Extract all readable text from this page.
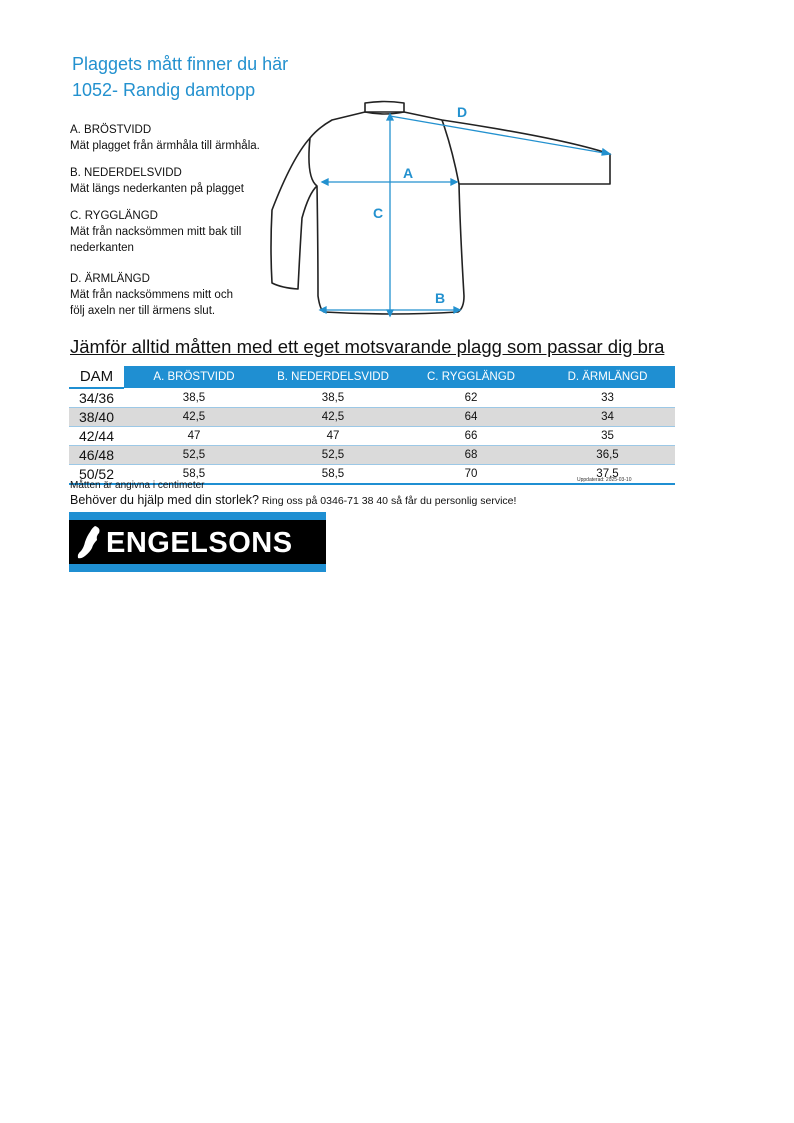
Plaggets mått finner du här
1052- Randig damtopp
A. BRÖSTVIDD
Mät plagget från ärmhåla till ärmhåla.
B. NEDERDELSVIDD
Mät längs nederkanten på plagget
C. RYGGLÄNGD
Mät från nacksömmen mitt bak till nederkanten
D. ÄRMLÄNGD
Mät från nacksömmens mitt och följ axeln ner till ärmens slut.
A
B
C
D
Jämför alltid måtten med ett eget motsvarande plagg som passar dig bra
DAM	A. BRÖSTVIDD	B. NEDERDELSVIDD	C. RYGGLÄNGD	D. ÄRMLÄNGD
34/36	38,5	38,5	62	33
38/40	42,5	42,5	64	34
42/44	47	47	66	35
46/48	52,5	52,5	68	36,5
50/52	58,5	58,5	70	37,5
Måtten är angivna i centimeter	Uppdaterad: 2025-03-10
Behöver du hjälp med din storlek? Ring oss på 0346-71 38 40 så får du personlig service!
ENGELSONS
